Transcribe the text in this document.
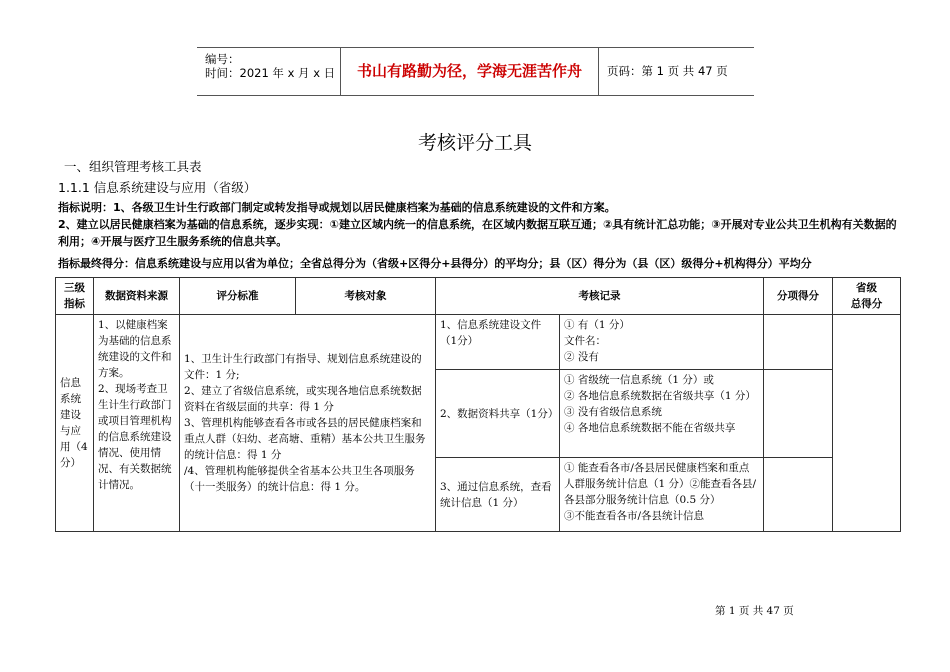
编号：
时间：2021 年 x 月 x 日	书山有路勤为径，学海无涯苦作舟	页码：第 1 页 共 47 页
考核评分工具
一、组织管理考核工具表
1.1.1 信息系统建设与应用（省级）
指标说明：1、各级卫生计生行政部门制定或转发指导或规划以居民健康档案为基础的信息系统建设的文件和方案。
2、建立以居民健康档案为基础的信息系统，逐步实现：①建立区域内统一的信息系统，在区域内数据互联互通；②具有统计汇总功能；③开展对专业公共卫生机构有关数据的利用；④开展与医疗卫生服务系统的信息共享。
指标最终得分：信息系统建设与应用以省为单位；全省总得分为（省级+区得分+县得分）的平均分；县（区）得分为（县（区）级得分+机构得分）平均分
三级指标	数据资料来源	评分标准	考核对象	考核记录		分项得分	省级
总得分
信息系统建设与应用（4分）	1、以健康档案为基础的信息系统建设的文件和方案。
2、现场考查卫生计生行政部门或项目管理机构的信息系统建设情况、使用情况、有关数据统计情况。	1、卫生计生行政部门有指导、规划信息系统建设的文件：1 分;
2、建立了省级信息系统，或实现各地信息系统数据资料在省级层面的共享：得 1 分
3、管理机构能够查看各市或各县的居民健康档案和重点人群（妇幼、老高塘、重精）基本公共卫生服务的统计信息：得 1 分
/4、管理机构能够提供全省基本公共卫生各项服务（十一类服务）的统计信息：得 1 分。		1、信息系统建设文件（1分）	① 有（1 分）
文件名：
② 没有		
				2、数据资料共享（1分）	① 省级统一信息系统（1 分）或
② 各地信息系统数据在省级共享（1 分）
③ 没有省级信息系统
④ 各地信息系统数据不能在省级共享		
				3、通过信息系统，查看统计信息（1 分）	① 能查看各市/各县居民健康档案和重点人群服务统计信息（1 分）②能查看各县/各县部分服务统计信息（0.5 分）
③不能查看各市/各县统计信息		
第 1 页 共 47 页
